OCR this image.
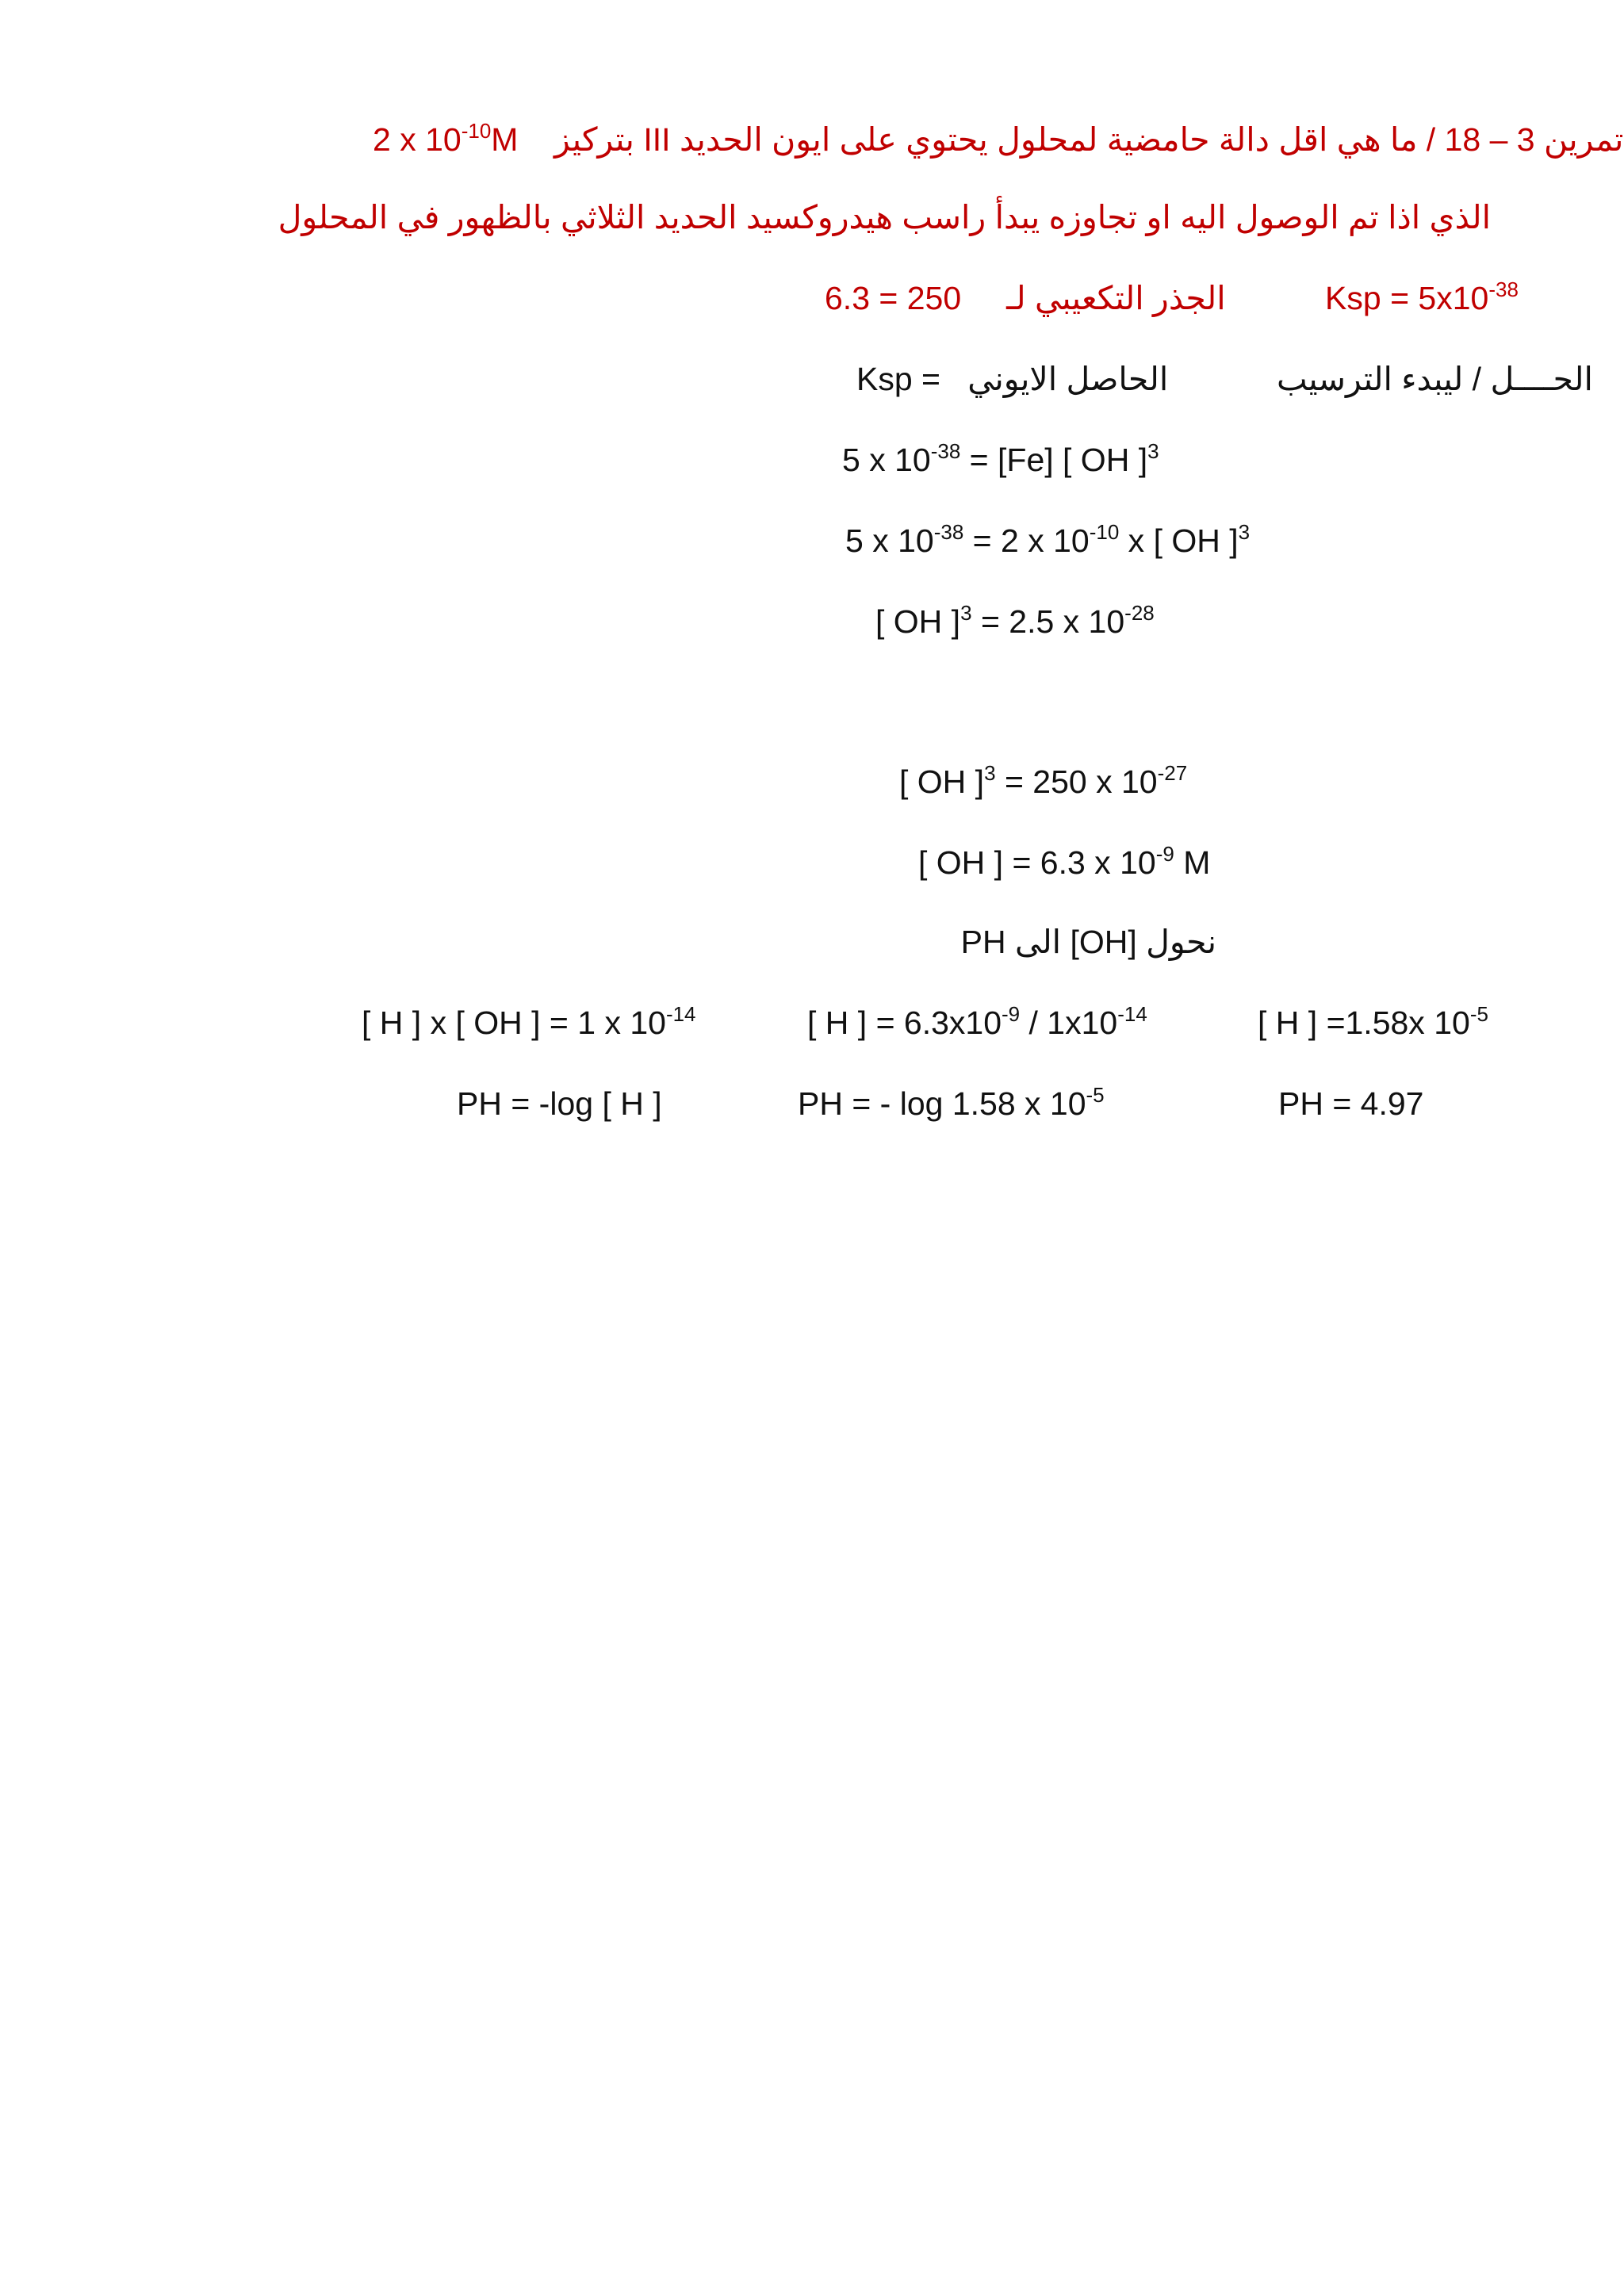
2 x $10^{-10}M$ تمرين 3 – 18 / ما هي اقل دالة حامضية لمحلول يحتوي على ايون الحديد III بتركيز
الذي اذا تم الوصول اليه او تجاوزه يبدأ راسب هيدروكسيد الحديد الثلاثي بالظهور في المحلول
6.3 = 250 الجذر التكعيبي لـ	Ksp = $5x10^{-38}$
Ksp = الحاصل الايوني	الحــــل / ليبدء الترسيب
5 x $10^{-38} = [Fe]$ [ OH ]$^3$
5 x $10^{-38} = 2$ x $10^{-10}$ x [ OH ]$^3$
[ OH ]$^3$ = 2.5 x $10^{-28}$
[ OH ]$^3$ = 250 x $10^{-27}$
[ OH ] = 6.3 x $10^{-9}$ M
نحول [OH] الى PH
[ H ] x [ OH ] = 1 x $10^{-14}$	[ H ] = $6.3x10^{-9} / 1x10^{-14}$	[ H ] =1.58x $10^{-5}$
PH = -log [ H ]	PH = - log 1.58 x $10^{-5}$	PH = 4.97
